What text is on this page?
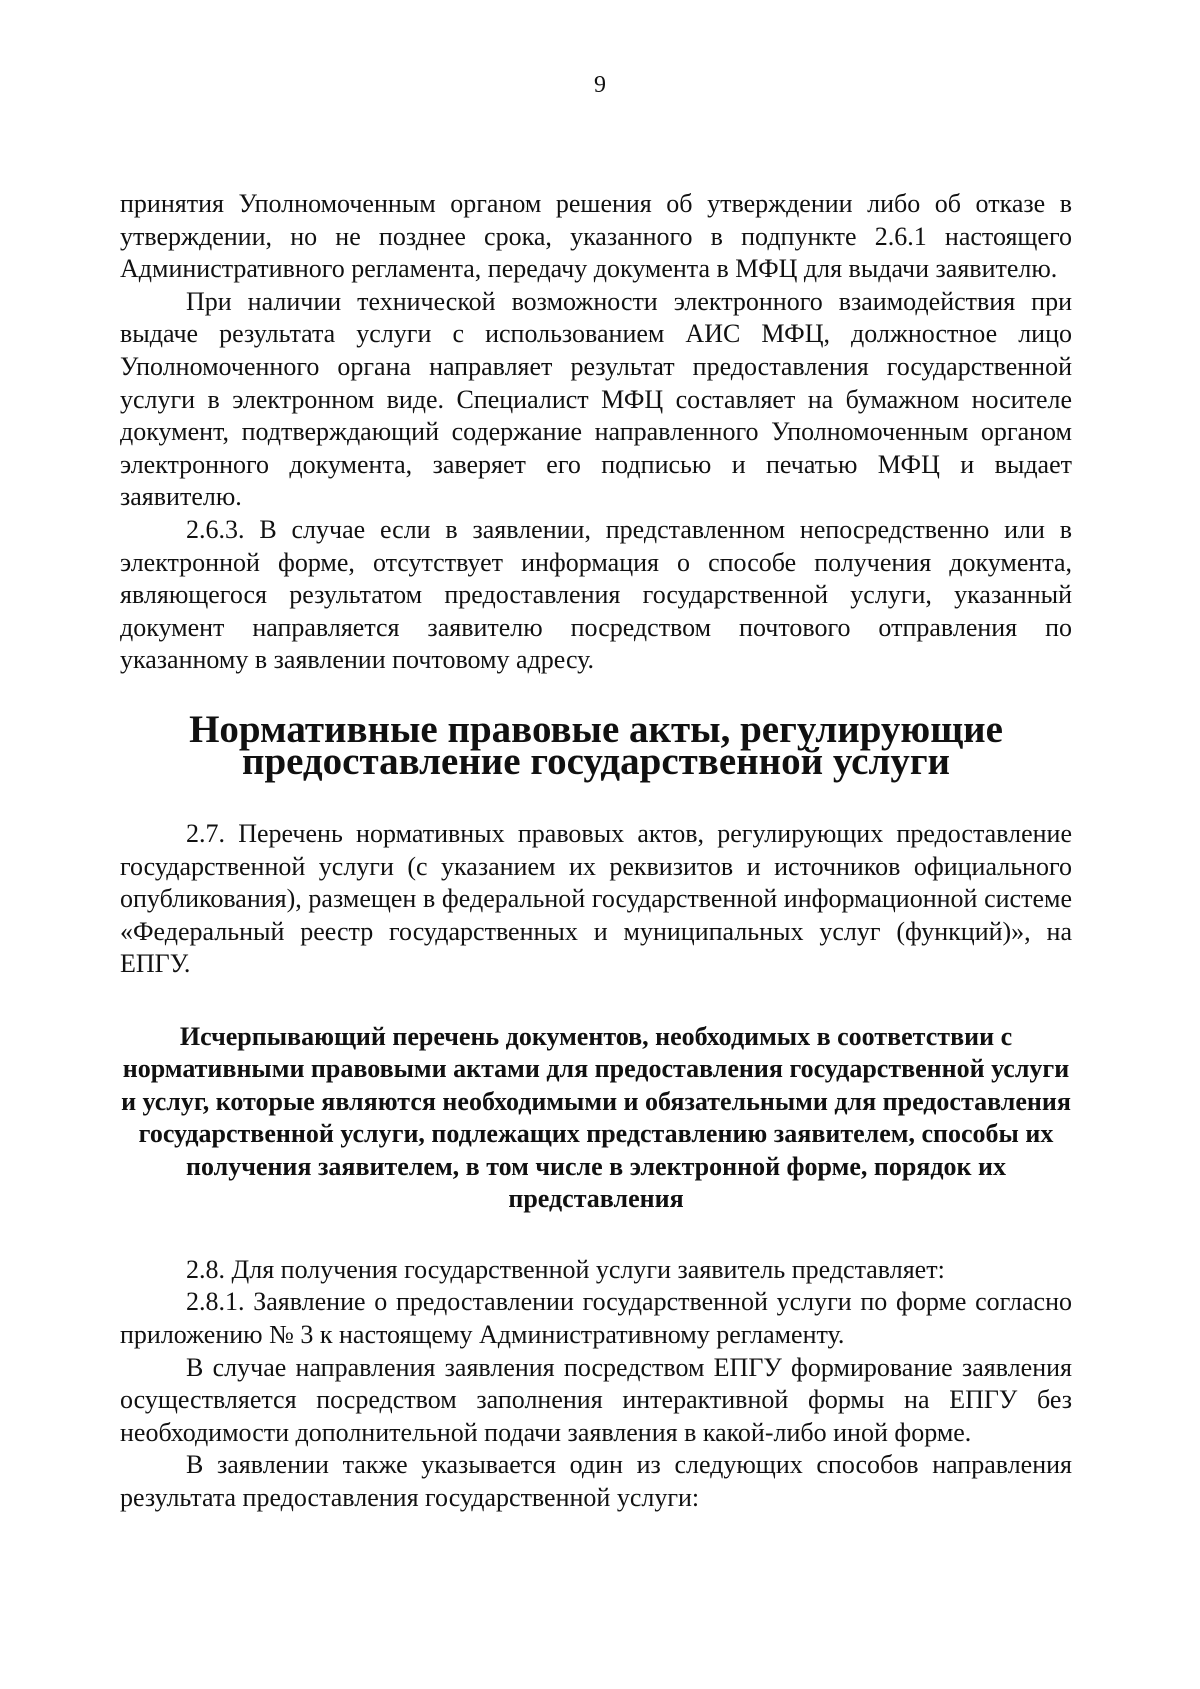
9

принятия Уполномоченным органом решения об утверждении либо об отказе в утверждении, но не позднее срока, указанного в подпункте 2.6.1 настоящего Административного регламента, передачу документа в МФЦ для выдачи заявителю.

При наличии технической возможности электронного взаимодействия при выдаче результата услуги с использованием АИС МФЦ, должностное лицо Уполномоченного органа направляет результат предоставления государственной услуги в электронном виде. Специалист МФЦ составляет на бумажном носителе документ, подтверждающий содержание направленного Уполномоченным органом электронного документа, заверяет его подписью и печатью МФЦ и выдает заявителю.

2.6.3. В случае если в заявлении, представленном непосредственно или в электронной форме, отсутствует информация о способе получения документа, являющегося результатом предоставления государственной услуги, указанный документ направляется заявителю посредством почтового отправления по указанному в заявлении почтовому адресу.

Нормативные правовые акты, регулирующие предоставление государственной услуги

2.7. Перечень нормативных правовых актов, регулирующих предоставление государственной услуги (с указанием их реквизитов и источников официального опубликования), размещен в федеральной государственной информационной системе «Федеральный реестр государственных и муниципальных услуг (функций)», на ЕПГУ.

Исчерпывающий перечень документов, необходимых в соответствии с нормативными правовыми актами для предоставления государственной услуги и услуг, которые являются необходимыми и обязательными для предоставления государственной услуги, подлежащих представлению заявителем, способы их получения заявителем, в том числе в электронной форме, порядок их представления

2.8. Для получения государственной услуги заявитель представляет:

2.8.1. Заявление о предоставлении государственной услуги по форме согласно приложению № 3 к настоящему Административному регламенту.

В случае направления заявления посредством ЕПГУ формирование заявления осуществляется посредством заполнения интерактивной формы на ЕПГУ без необходимости дополнительной подачи заявления в какой-либо иной форме.

В заявлении также указывается один из следующих способов направления результата предоставления государственной услуги:
